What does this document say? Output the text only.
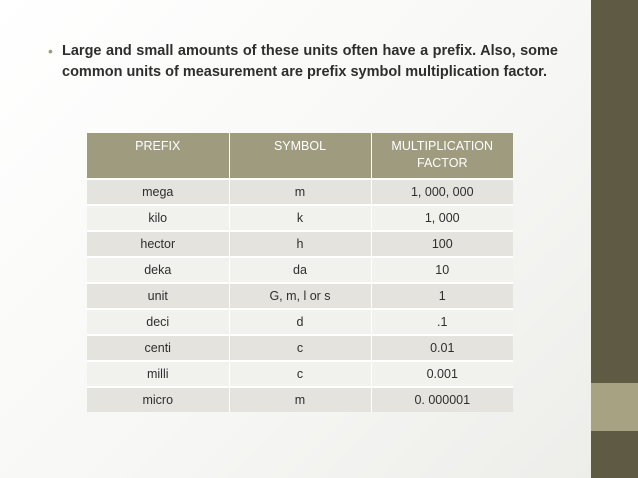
• Large and small amounts of these units often have a prefix. Also, some common units of measurement are prefix symbol multiplication factor.
PREFIX	SYMBOL	MULTIPLICATION FACTOR
mega	m	1, 000, 000
kilo	k	1, 000
hector	h	100
deka	da	10
unit	G, m, l or s	1
deci	d	.1
centi	c	0.01
milli	c	0.001
micro	m	0. 000001
